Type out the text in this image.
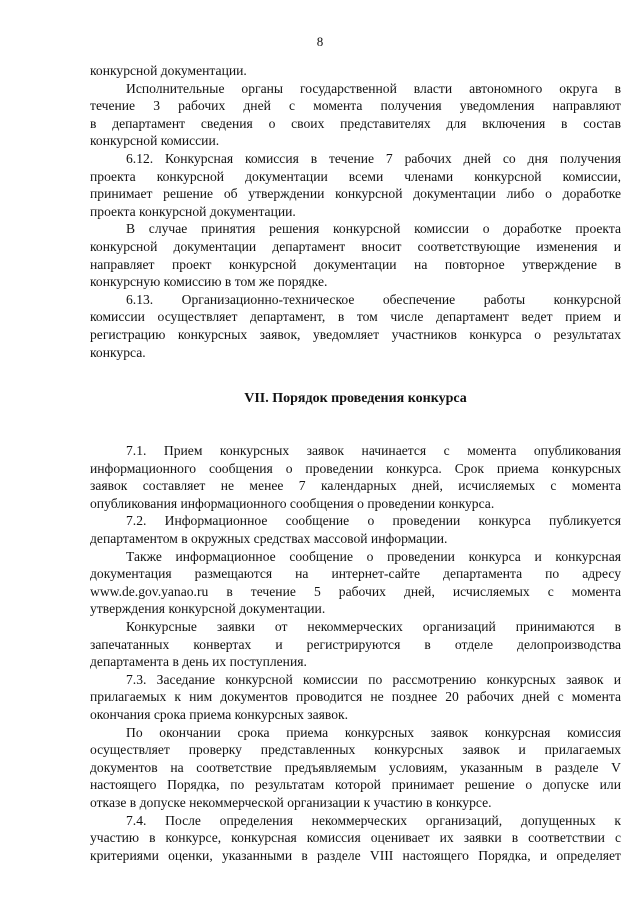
8
конкурсной документации.
Исполнительные органы государственной власти автономного округа в
течение 3 рабочих дней с момента получения уведомления направляют
в департамент сведения о своих представителях для включения в состав
конкурсной комиссии.
6.12. Конкурсная комиссия в течение 7 рабочих дней со дня получения
проекта конкурсной документации всеми членами конкурсной комиссии,
принимает решение об утверждении конкурсной документации либо о доработке
проекта конкурсной документации.
В случае принятия решения конкурсной комиссии о доработке проекта
конкурсной документации департамент вносит соответствующие изменения и
направляет проект конкурсной документации на повторное утверждение в
конкурсную комиссию в том же порядке.
6.13. Организационно-техническое обеспечение работы конкурсной
комиссии осуществляет департамент, в том числе департамент ведет прием и
регистрацию конкурсных заявок, уведомляет участников конкурса о результатах
конкурса.
VII. Порядок проведения конкурса
7.1. Прием конкурсных заявок начинается с момента опубликования
информационного сообщения о проведении конкурса. Срок приема конкурсных
заявок составляет не менее 7 календарных дней, исчисляемых с момента
опубликования информационного сообщения о проведении конкурса.
7.2. Информационное сообщение о проведении конкурса публикуется
департаментом в окружных средствах массовой информации.
Также информационное сообщение о проведении конкурса и конкурсная
документация размещаются на интернет-сайте департамента по адресу
www.de.gov.yanao.ru в течение 5 рабочих дней, исчисляемых с момента
утверждения конкурсной документации.
Конкурсные заявки от некоммерческих организаций принимаются в
запечатанных конвертах и регистрируются в отделе делопроизводства
департамента в день их поступления.
7.3. Заседание конкурсной комиссии по рассмотрению конкурсных заявок и
прилагаемых к ним документов проводится не позднее 20 рабочих дней с момента
окончания срока приема конкурсных заявок.
По окончании срока приема конкурсных заявок конкурсная комиссия
осуществляет проверку представленных конкурсных заявок и прилагаемых
документов на соответствие предъявляемым условиям, указанным в разделе V
настоящего Порядка, по результатам которой принимает решение о допуске или
отказе в допуске некоммерческой организации к участию в конкурсе.
7.4. После определения некоммерческих организаций, допущенных к
участию в конкурсе, конкурсная комиссия оценивает их заявки в соответствии с
критериями оценки, указанными в разделе VIII настоящего Порядка, и определяет
